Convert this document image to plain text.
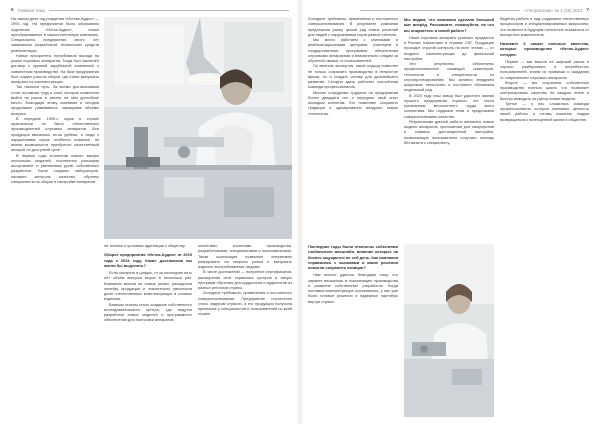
6 Главная тема

На самом деле год рождения «Истока-Аудио» — 1993 год. На предприятии было образовано отделение «Исток-Аудио», позже преобразованное в самостоятельную компанию. Специалисты предприятия много лет занимались разработкой технических средств реабилитации.

Новые приоритеты потребовали выхода на рынок слуховых аппаратов. Тогда был заключён договор с крупной зарубежной компанией о совместном производстве. На базе предприятия был создан участок сборки, где стали выпускать аппараты из комплектующих.

Так начался путь. За всеми достижениями стоят огромные труд и опыт, которые позволили выйти на рынок и занять на нём достойное место. Благодаря этому компания и сегодня продолжает развиваться, наращивая объёмы выпуска.

В середине 1990-х годов в стране практически не было отечественных производителей слуховых аппаратов. Вся продукция ввозилась из-за рубежа, и люди с нарушениями слуха, особенно пожилые, не имели возможности приобрести качественный аппарат по доступной цене.

В первые годы коллектив освоил выпуск нескольких моделей, постепенно расширяя ассортимент и увеличивая долю собственных разработок. Были созданы лаборатории, налажен контроль качества, обучены специалисты по сборке и настройке аппаратов.

на технике и условиях адаптации к обществу.

Оборот предприятия «Исток-Аудио» от 2019 года к 2024 году. Какие достижения вы могли бы выделить?

Если смотреть в цифры, то за последние пять лет объём выпуска вырос в несколько раз. Компания вышла на новые рынки, расширила линейку продукции и значительно увеличила долю отечественных комплектующих в готовых изделиях.

Важным этапом стало создание собственного исследовательского центра, где ведутся разработки новых моделей и программного обеспечения для настройки аппаратов.

коллегами, коллегами производства, разработчиками, специалистами и пользователями. Такая кооперация позволяет оперативно реагировать на запросы рынка и выпускать изделия, востребованные людьми.

В числе достижений — получение сертификатов, расширение сети сервисных центров и запуск программ обучения для сурдологов и аудиологов из разных регионов страны.

Холодное требовало, применения и постоянного совершенствования. Предприятие постепенно стало лидером отрасли, а его продукция получила признание у специалистов и пользователей по всей стране.

«Ультрасоник» № 1 (25) 2024 7

Холодное требовало, применения и постоянного совершенствования. В результате компания предложила рынку целый ряд новых решений для людей с нарушениями слуха разной степени.

Мы много работаем с клиниками и реабилитационными центрами, участвуем в государственных программах обеспечения слуховыми аппаратами и внимательно следим за обратной связью от пользователей.

По мнению экспертов, такой подход позволил не только сохранить производство в непростое время, но и создать основу для дальнейшего развития. Сегодня здесь работает сплочённая команда профессионалов.

Многие сотрудники трудятся на предприятии более двадцати лет и передают свой опыт молодым коллегам. Это позволяет сохранять традиции и одновременно внедрять новые технологии.

Мы видим, что компания сделала большой шаг вперёд. Расскажите, пожалуйста, на что вы опираетесь в своей работе?

Наше слуховые аппараты успешно продаются в России, Казахстане и странах СНГ. Продукция проходит строгий контроль на всех этапах — от входных комплектующих до финальной настройки.

Эти результаты обеспечены профессиональной командой инженеров, технологов и специалистов по слухопротезированию. Мы активно внедряем цифровые технологии и постоянно обновляем модельный ряд.

В 2023 году наш завод был удостоен звания лучшего предприятия отрасли, что стало признанием многолетнего труда всего коллектива. Мы гордимся этим и продолжаем совершенствовать качество.

Результатами данной работы являются новые модели аппаратов, приложения для смартфонов и сервисы дистанционной настройки, позволяющие пользователю получать помощь без визита к специалисту.

Ведётся работа и над созданием отечественных процессоров и специализированных микросхем, что позволит в будущем полностью отказаться от импортных компонентов.

Назовите 3 самые сильные качества, которые производство «Исток-Аудио» сегодня:

Первое — мы вышли на широкий рынок и хорошо разбираемся в потребностях пользователей, знаем их привычки и ожидания от современных слуховых аппаратов.

Второе — мы сохранили собственное производство полного цикла, что позволяет контролировать качество на каждом этапе и быстро выводить на рынок новые модели.

Третье — у нас сложилась команда профессионалов, которые понимают ценность своей работы и готовы помогать людям возвращаться к полноценной жизни в обществе.

Последние годы были отмечены событиями глобального масштаба, влияние которых на бизнес ощущается по сей день. Как компания справилась с вызовами и какие решения помогли сохранить позиции?

Нам многое удалось благодаря тому, что заранее вложились в локализацию производства и развитие собственных разработок. Когда поставки комплектующих осложнились, у нас уже были готовые решения и надёжные партнёры внутри страны.
